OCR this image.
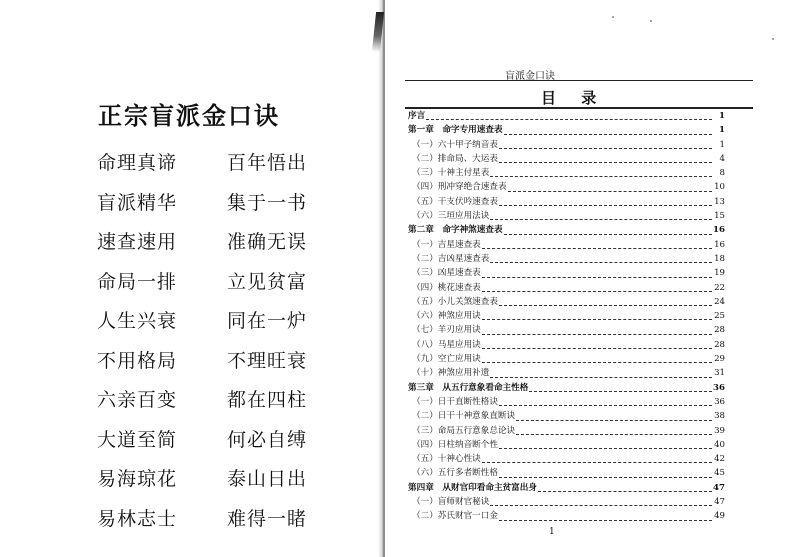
正宗盲派金口诀
命理真谛	百年悟出
盲派精华	集于一书
速查速用	准确无误
命局一排	立见贫富
人生兴衰	同在一炉
不用格局	不理旺衰
六亲百变	都在四柱
大道至简	何必自缚
易海琼花	泰山日出
易林志士	难得一睹
盲派金口诀
目 录
序言	1
第一章　命字专用速查表	1
（一）六十甲子纳音表	1
（二）排命局、大运表	4
（三）十神主付星表	8
（四）刑冲穿绝合速查表	10
（五）干支伏吟速查表	13
（六）三垣应用法诀	15
第二章　命字神煞速查表	16
（一）吉星速查表	16
（二）吉凶星速查表	18
（三）凶星速查表	19
（四）桃花速查表	22
（五）小儿关煞速查表	24
（六）神煞应用诀	25
（七）羊刃应用诀	28
（八）马星应用诀	28
（九）空亡应用诀	29
（十）神煞应用补遗	31
第三章　从五行意象看命主性格	36
（一）日干直断性格诀	36
（二）日干十神意象直断诀	38
（三）命局五行意象总论诀	39
（四）日柱纳音断个性	40
（五）十神心性诀	42
（六）五行多者断性格	45
第四章　从财官印看命主贫富出身	47
（一）盲师财官秘诀	47
（二）苏氏财官一口金	49
1
